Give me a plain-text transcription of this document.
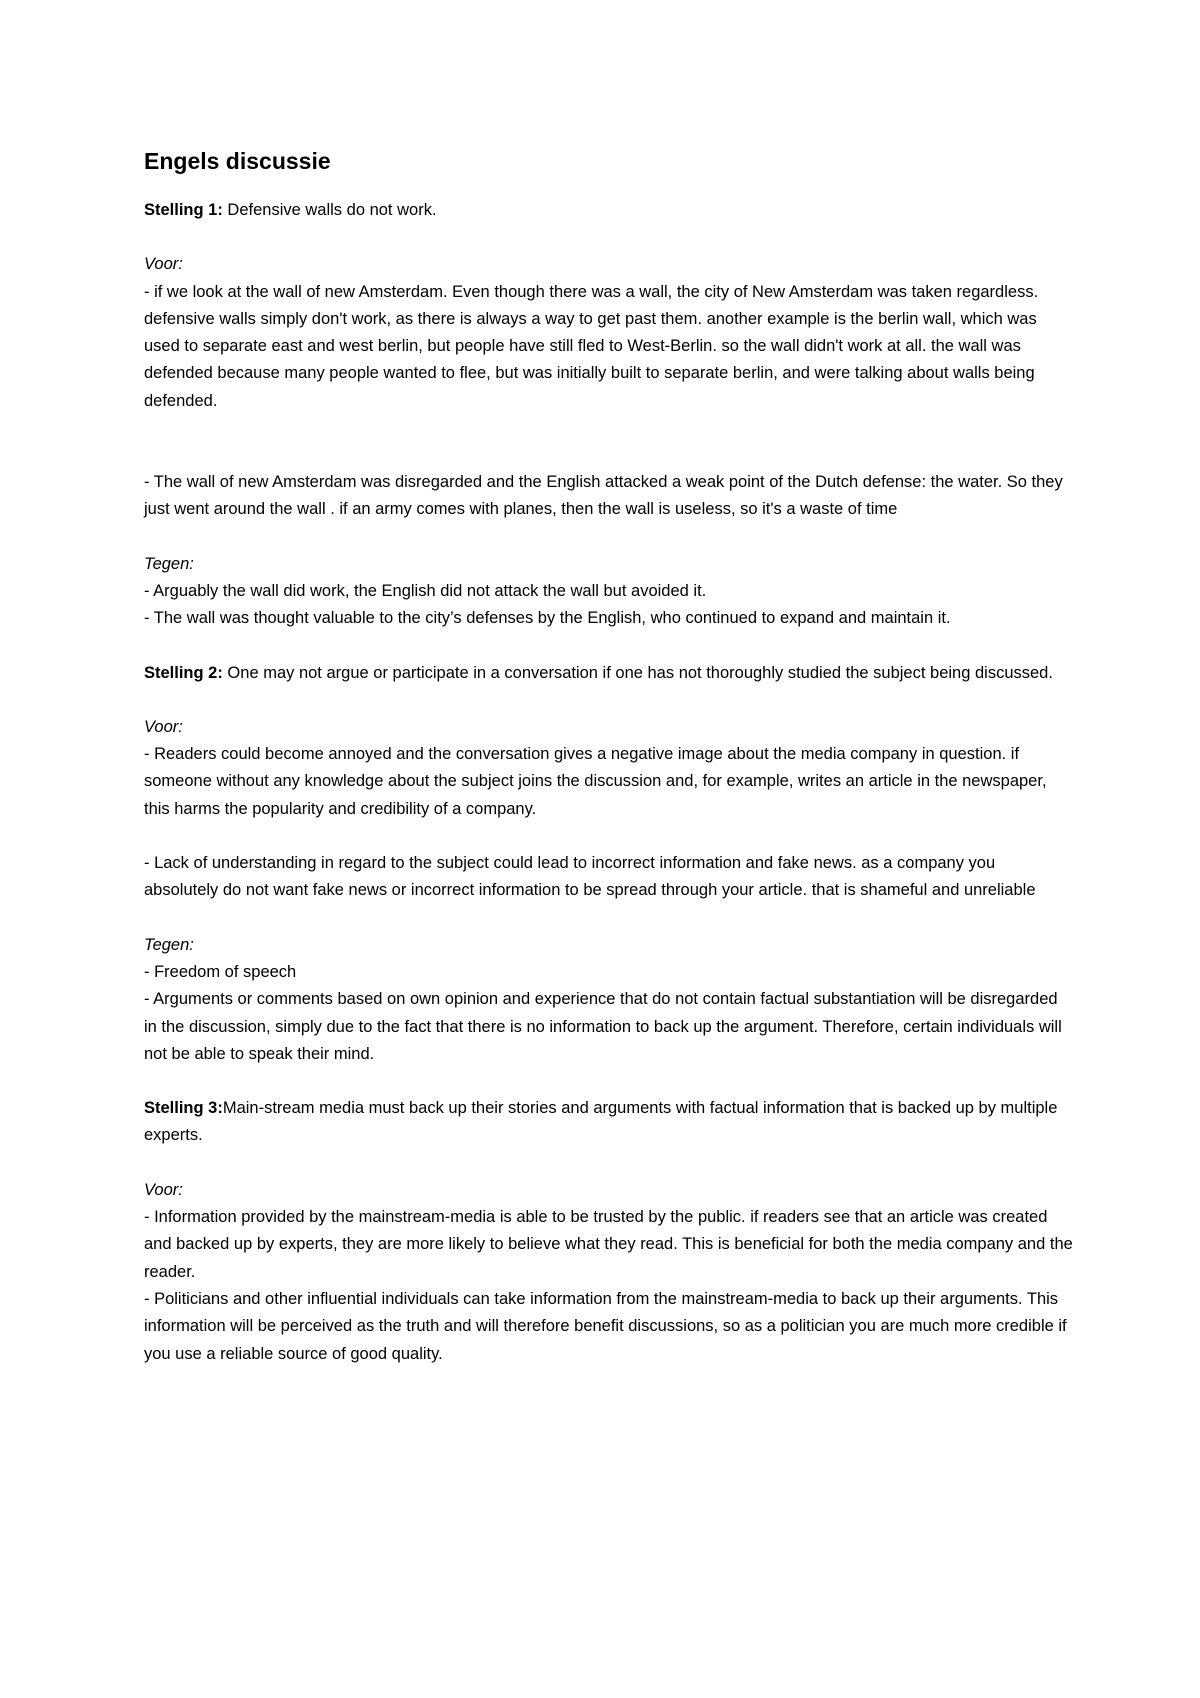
Engels discussie

Stelling 1: Defensive walls do not work.

Voor:

- if we look at the wall of new Amsterdam. Even though there was a wall, the city of New Amsterdam was taken regardless. defensive walls simply don't work, as there is always a way to get past them. another example is the berlin wall, which was used to separate east and west berlin, but people have still fled to West-Berlin. so the wall didn't work at all. the wall was defended because many people wanted to flee, but was initially built to separate berlin, and were talking about walls being defended.

- The wall of new Amsterdam was disregarded and the English attacked a weak point of the Dutch defense: the water. So they just went around the wall . if an army comes with planes, then the wall is useless, so it's a waste of time

Tegen:

- Arguably the wall did work, the English did not attack the wall but avoided it.

- The wall was thought valuable to the city’s defenses by the English, who continued to expand and maintain it.

Stelling 2: One may not argue or participate in a conversation if one has not thoroughly studied the subject being discussed.

Voor:

- Readers could become annoyed and the conversation gives a negative image about the media company in question. if someone without any knowledge about the subject joins the discussion and, for example, writes an article in the newspaper, this harms the popularity and credibility of a company.

- Lack of understanding in regard to the subject could lead to incorrect information and fake news. as a company you absolutely do not want fake news or incorrect information to be spread through your article. that is shameful and unreliable

Tegen:

- Freedom of speech

- Arguments or comments based on own opinion and experience that do not contain factual substantiation will be disregarded in the discussion, simply due to the fact that there is no information to back up the argument. Therefore, certain individuals will not be able to speak their mind.

Stelling 3:Main-stream media must back up their stories and arguments with factual information that is backed up by multiple experts.

Voor:

- Information provided by the mainstream-media is able to be trusted by the public. if readers see that an article was created and backed up by experts, they are more likely to believe what they read. This is beneficial for both the media company and the reader.

- Politicians and other influential individuals can take information from the mainstream-media to back up their arguments. This information will be perceived as the truth and will therefore benefit discussions, so as a politician you are much more credible if you use a reliable source of good quality.
